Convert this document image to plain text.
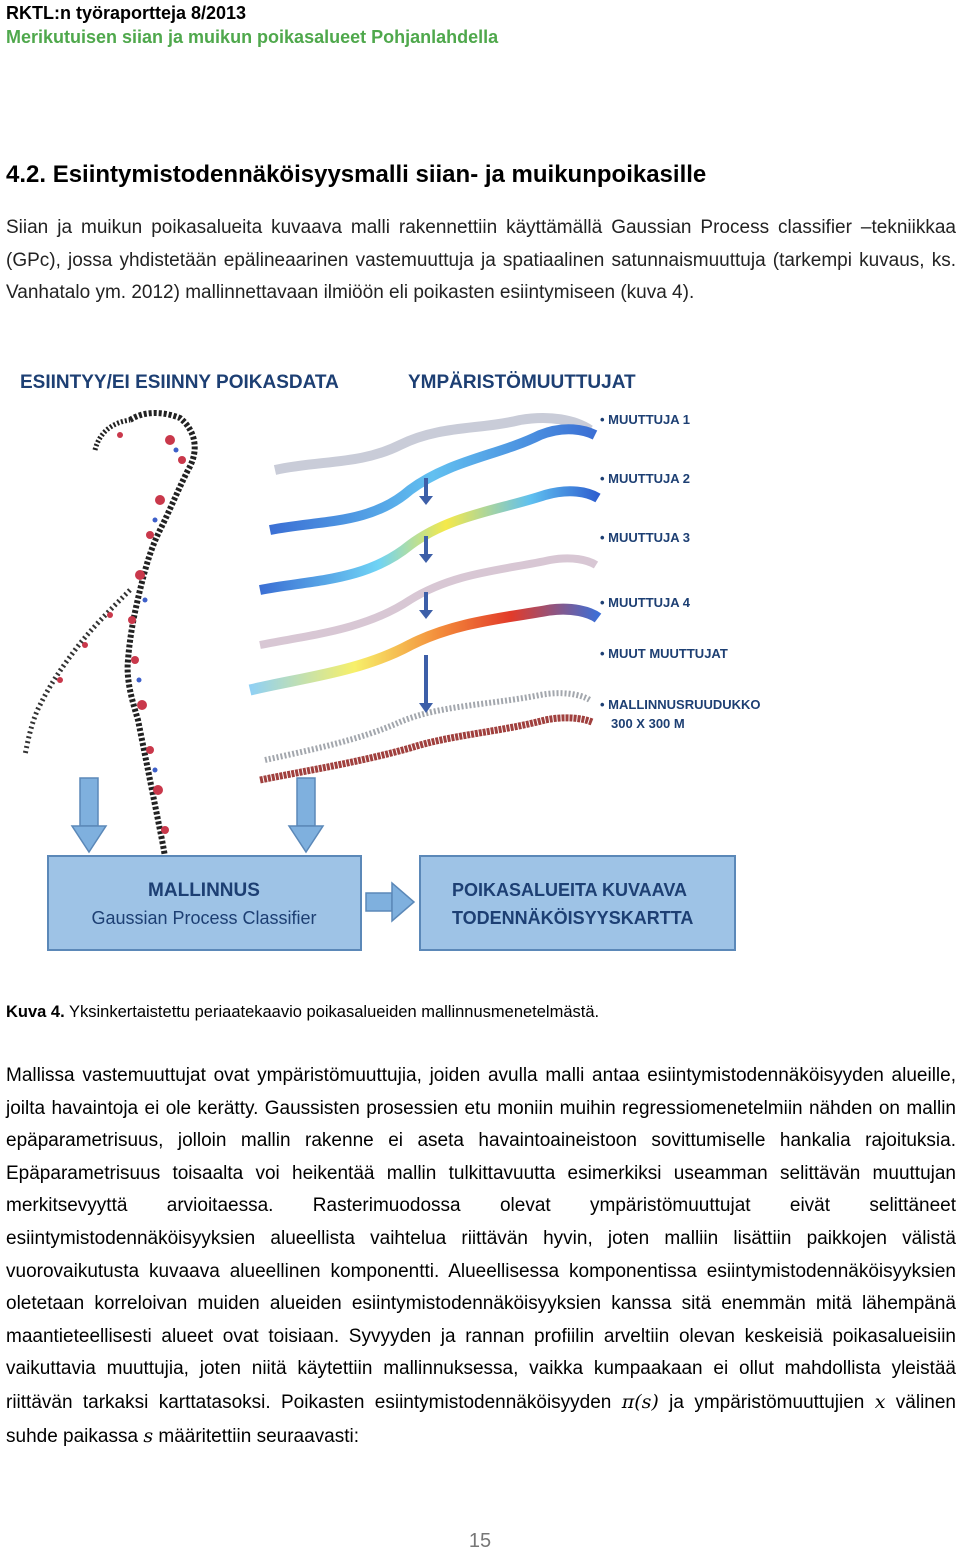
RKTL:n työraportteja 8/2013
Merikutuisen siian ja muikun poikasalueet Pohjanlahdella
4.2. Esiintymistodennäköisyysmalli siian- ja muikunpoikasille

Siian ja muikun poikasalueita kuvaava malli rakennettiin käyttämällä Gaussian Process classifier –tekniikkaa (GPc), jossa yhdistetään epälineaarinen vastemuuttuja ja spatiaalinen satunnaismuuttuja (tarkempi kuvaus, ks. Vanhatalo ym. 2012) mallinnettavaan ilmiöön eli poikasten esiintymiseen (kuva 4).

ESIINTYY/EI ESIINNY POIKASDATA	YMPÄRISTÖMUUTTUJAT
• MUUTTUJA 1
• MUUTTUJA 2
• MUUTTUJA 3
• MUUTTUJA 4
• MUUT MUUTTUJAT
• MALLINNUSRUUDUKKO
300 X 300 M
MALLINNUS
Gaussian Process Classifier
POIKASALUEITA KUVAAVA
TODENNÄKÖISYYSKARTTA
Kuva 4. Yksinkertaistettu periaatekaavio poikasalueiden mallinnusmenetelmästä.

Mallissa vastemuuttujat ovat ympäristömuuttujia, joiden avulla malli antaa esiintymistodennäköisyyden alueille, joilta havaintoja ei ole kerätty. Gaussisten prosessien etu moniin muihin regressiomenetelmiin nähden on mallin epäparametrisuus, jolloin mallin rakenne ei aseta havaintoaineistoon sovittumiselle hankalia rajoituksia. Epäparametrisuus toisaalta voi heikentää mallin tulkittavuutta esimerkiksi useamman selittävän muuttujan merkitsevyyttä arvioitaessa. Rasterimuodossa olevat ympäristömuuttujat eivät selittäneet esiintymistodennäköisyyksien alueellista vaihtelua riittävän hyvin, joten malliin lisättiin paikkojen välistä vuorovaikutusta kuvaava alueellinen komponentti. Alueellisessa komponentissa esiintymistodennäköisyyksien oletetaan korreloivan muiden alueiden esiintymistodennäköisyyksien kanssa sitä enemmän mitä lähempänä maantieteellisesti alueet ovat toisiaan. Syvyyden ja rannan profiilin arveltiin olevan keskeisiä poikasalueisiin vaikuttavia muuttujia, joten niitä käytettiin mallinnuksessa, vaikka kumpaakaan ei ollut mahdollista yleistää riittävän tarkaksi karttatasoksi. Poikasten esiintymistodennäköisyyden π(s) ja ympäristömuuttujien x välinen suhde paikassa s määritettiin seuraavasti:

15
